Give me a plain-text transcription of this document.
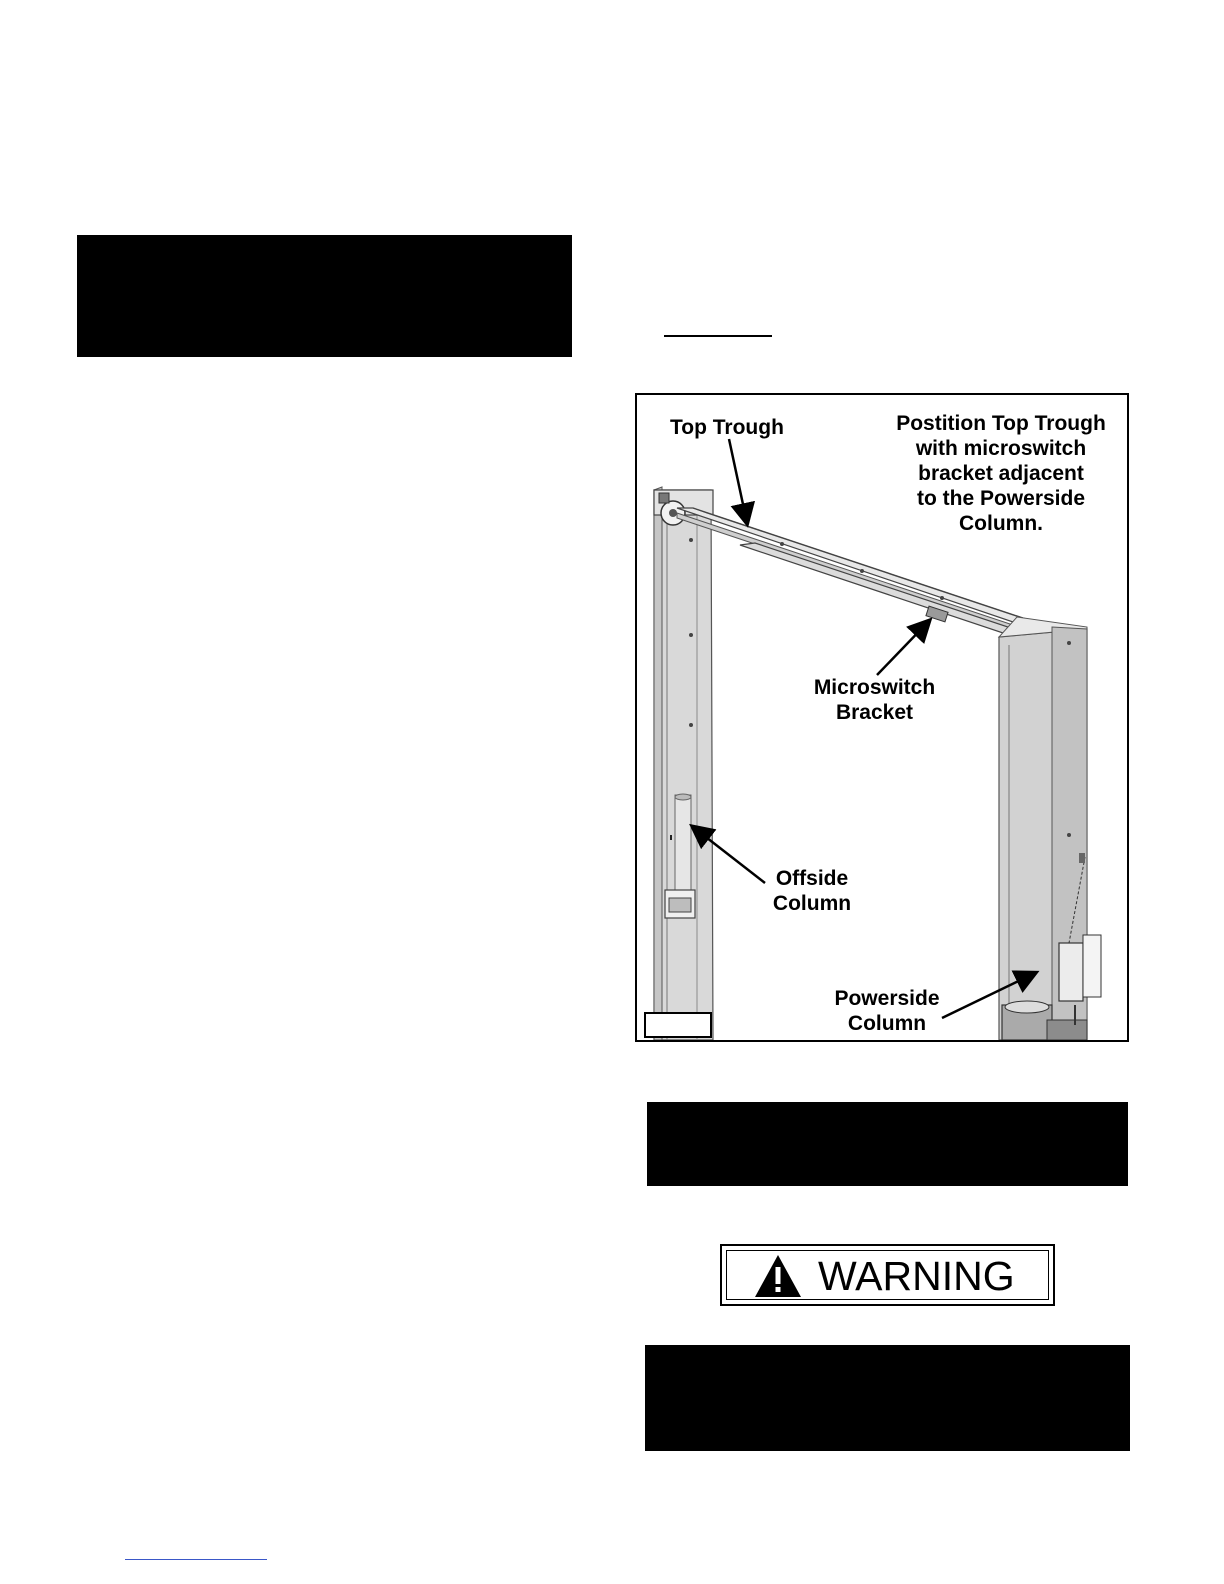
Top Trough	Postition Top Trough
with microswitch
bracket adjacent
to the Powerside
Column.
Microswitch
Bracket
Offside
Column
Powerside
Column
WARNING
